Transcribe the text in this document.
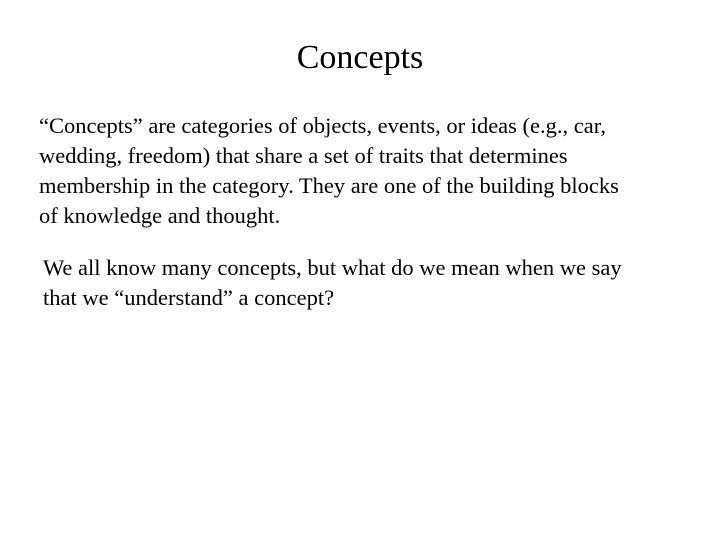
Concepts

“Concepts” are categories of objects, events, or ideas (e.g., car,
wedding, freedom) that share a set of traits that determines
membership in the category. They are one of the building blocks
of knowledge and thought.

We all know many concepts, but what do we mean when we say
that we “understand” a concept?
